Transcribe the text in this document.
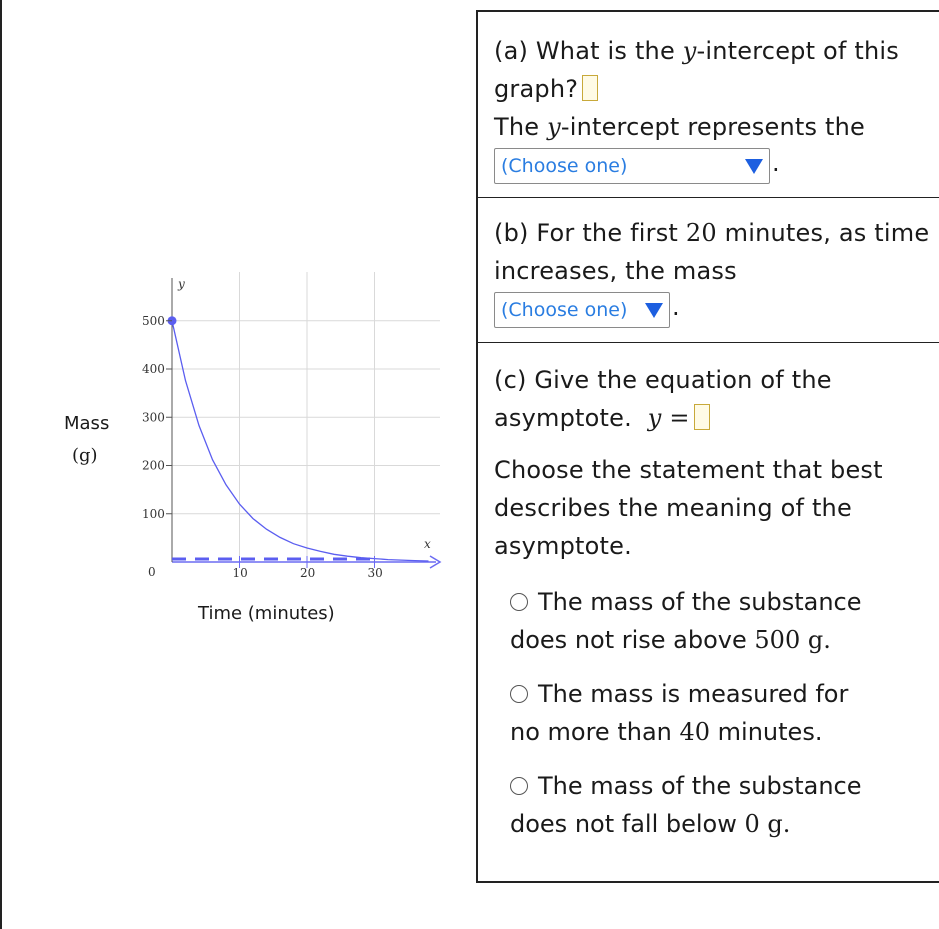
100
200
300
400
500
10	20	30
y
x
0
Mass
(g)
Time (minutes)
(a) What is the y-intercept of this graph?
The y-intercept represents the
(Choose one)	.
(b) For the first 20 minutes, as time increases, the mass
(Choose one) .
(c) Give the equation of the asymptote. y =
Choose the statement that best describes the meaning of the asymptote.
The mass of the substance
does not rise above 500 g.
The mass is measured for
no more than 40 minutes.
The mass of the substance
does not fall below 0 g.
